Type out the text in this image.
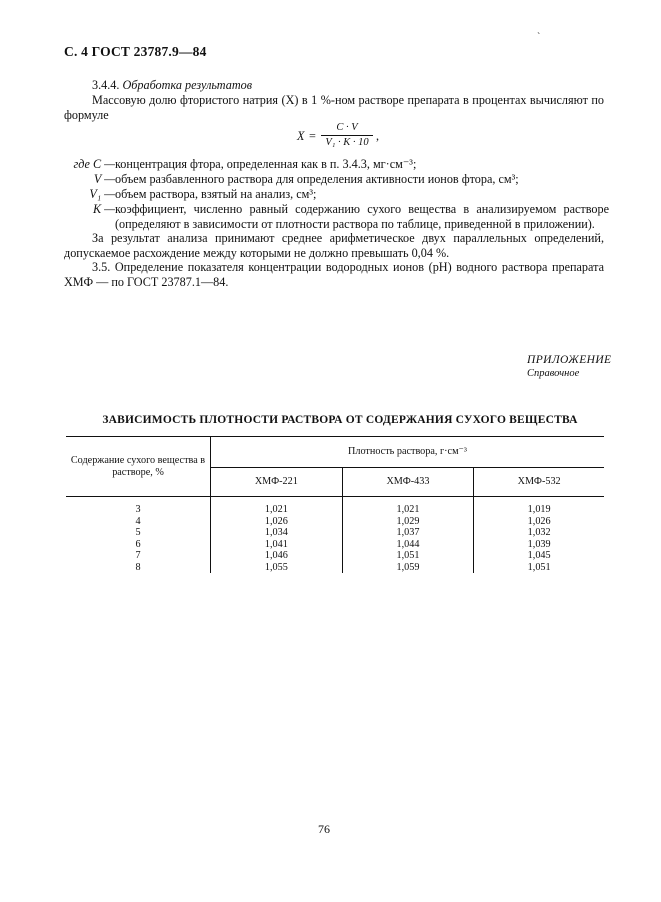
С. 4 ГОСТ 23787.9—84
ˋ
3.4.4. Обработка результатов
Массовую долю фтористого натрия (X) в 1 %-ном растворе препарата в процентах вычисляют по формуле
$X = \frac{C \cdot V}{\text{V₁ · K · 10}}$ ,
где C — концентрация фтора, определенная как в п. 3.4.3, мг·см⁻³;
V — объем разбавленного раствора для определения активности ионов фтора, см³;
V₁ — объем раствора, взятый на анализ, см³;
K — коэффициент, численно равный содержанию сухого вещества в анализируемом растворе (определяют в зависимости от плотности раствора по таблице, приведенной в приложении).
За результат анализа принимают среднее арифметическое двух параллельных определений, допускаемое расхождение между которыми не должно превышать 0,04 %.
3.5. Определение показателя концентрации водородных ионов (pH) водного раствора препарата ХМФ — по ГОСТ 23787.1—84.
ПРИЛОЖЕНИЕ
Справочное
ЗАВИСИМОСТЬ ПЛОТНОСТИ РАСТВОРА ОТ СОДЕРЖАНИЯ СУХОГО ВЕЩЕСТВА
Содержание сухого вещества в растворе, %	Плотность раствора, г·см⁻³		
	ХМФ-221	ХМФ-433	ХМФ-532
3	1,021	1,021	1,019
4	1,026	1,029	1,026
5	1,034	1,037	1,032
6	1,041	1,044	1,039
7	1,046	1,051	1,045
8	1,055	1,059	1,051
76
